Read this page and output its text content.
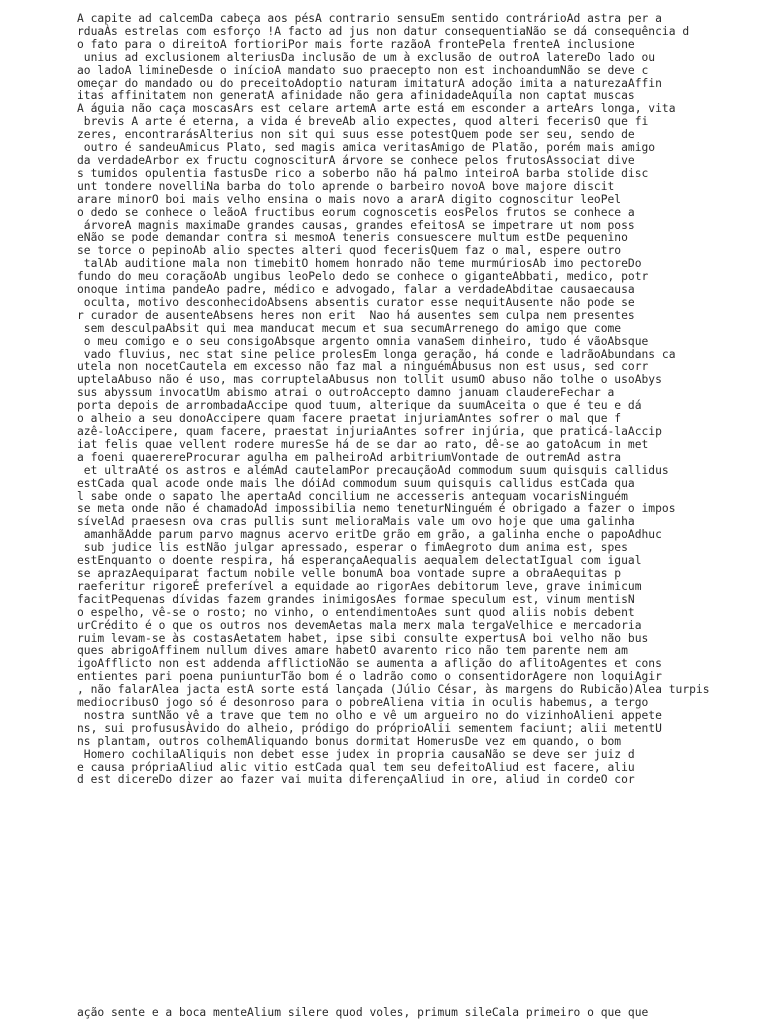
A capite ad calcemDa cabeça aos pésA contrario sensuEm sentido contrárioAd astra per a
rduaÀs estrelas com esforço !A facto ad jus non datur consequentiaNão se dá consequência d
o fato para o direitoA fortioriPor mais forte razãoA frontePela frenteA inclusione
unius ad exclusionem alteriusDa inclusão de um à exclusão de outroA latereDo lado ou
ao ladoA limineDesde o inícioA mandato suo praecepto non est inchoandumNão se deve c
omeçar do mandado ou do preceitoAdoptio naturam imitaturA adoção imita a naturezaAffin
itas affinitatem non generatA afinidade não gera afinidadeAquila non captat muscas
A águia não caça moscasArs est celare artemA arte está em esconder a arteArs longa, vita
brevis A arte é eterna, a vida é breveAb alio expectes, quod alteri fecerisO que fi
zeres, encontrarásAlterius non sit qui suus esse potestQuem pode ser seu, sendo de
outro é sandeuAmicus Plato, sed magis amica veritasAmigo de Platão, porém mais amigo
da verdadeArbor ex fructu cognosciturA árvore se conhece pelos frutosAssociat dive
s tumidos opulentia fastusDe rico a soberbo não há palmo inteiroA barba stolide disc
unt tondere novelliNa barba do tolo aprende o barbeiro novoA bove majore discit
arare minorO boi mais velho ensina o mais novo a ararA digito cognoscitur leoPel
o dedo se conhece o leãoA fructibus eorum cognoscetis eosPelos frutos se conhece a
árvoreA magnis maximaDe grandes causas, grandes efeitosA se impetrare ut nom poss
eNão se pode demandar contra si mesmoA teneris consuescere multum estDe pequenino
se torce o pepinoAb alio spectes alteri quod fecerisQuem faz o mal, espere outro
talAb auditione mala non timebitO homem honrado não teme murmúriosAb imo pectoreDo
fundo do meu coraçãoAb ungibus leoPelo dedo se conhece o giganteAbbati, medico, potr
onoque intima pandeAo padre, médico e advogado, falar a verdadeAbditae causaecausa
oculta, motivo desconhecidoAbsens absentis curator esse nequitAusente não pode se
r curador de ausenteAbsens heres non erit  Nao há ausentes sem culpa nem presentes
sem desculpaAbsit qui mea manducat mecum et sua secumArrenego do amigo que come
o meu comigo e o seu consigoAbsque argento omnia vanaSem dinheiro, tudo é vãoAbsque
vado fluvius, nec stat sine pelice prolesEm longa geração, há conde e ladrãoAbundans ca
utela non nocetCautela em excesso não faz mal a ninguémAbusus non est usus, sed corr
uptelaAbuso não é uso, mas corruptelaAbusus non tollit usumO abuso não tolhe o usoAbys
sus abyssum invocatUm abismo atrai o outroAccepto damno januam claudereFechar a
porta depois de arrombadaAccipe quod tuum, alterique da suumAceita o que é teu e dá
o alheio a seu donoAccipere quam facere praetat injuriamAntes sofrer o mal que f
azê-loAccipere, quam facere, praestat injuriaAntes sofrer injúria, que praticá-laAccip
iat felis quae vellent rodere muresSe há de se dar ao rato, dê-se ao gatoAcum in met
a foeni quaerereProcurar agulha em palheiroAd arbitriumVontade de outremAd astra
et ultraAté os astros e alémAd cautelamPor precauçãoAd commodum suum quisquis callidus
estCada qual acode onde mais lhe dóiAd commodum suum quisquis callidus estCada qua
l sabe onde o sapato lhe apertaAd concilium ne accesseris antequam vocarisNinguém
se meta onde não é chamadoAd impossibilia nemo teneturNinguém é obrigado a fazer o impos
sívelAd praesesn ova cras pullis sunt melioraMais vale um ovo hoje que uma galinha
amanhãAdde parum parvo magnus acervo eritDe grão em grão, a galinha enche o papoAdhuc
sub judice lis estNão julgar apressado, esperar o fimAegroto dum anima est, spes
estEnquanto o doente respira, há esperançaAequalis aequalem delectatIgual com igual
se aprazAequiparat factum nobile velle bonumA boa vontade supre a obraAequitas p
raeferitur rigoreÉ preferível a equidade ao rigorAes debitorum leve, grave inimicum
facitPequenas dívidas fazem grandes inimigosAes formae speculum est, vinum mentisN
o espelho, vê-se o rosto; no vinho, o entendimentoAes sunt quod aliis nobis debent
urCrédito é o que os outros nos devemAetas mala merx mala tergaVelhice e mercadoria
ruim levam-se às costasAetatem habet, ipse sibi consulte expertusA boi velho não bus
ques abrigoAffinem nullum dives amare habetO avarento rico não tem parente nem am
igoAfflicto non est addenda afflictioNão se aumenta a aflição do aflitoAgentes et cons
entientes pari poena puniunturTão bom é o ladrão como o consentidorAgere non loquiAgir
, não falarAlea jacta estA sorte está lançada (Júlio César, às margens do Rubicão)Alea turpis
mediocribusO jogo só é desonroso para o pobreAliena vitia in oculis habemus, a tergo
nostra suntNão vê a trave que tem no olho e vê um argueiro no do vizinhoAlieni appete
ns, sui profususÀvido do alheio, pródigo do próprioAlii sementem faciunt; alii metentU
ns plantam, outros colhemAliquando bonus dormitat HomerusDe vez em quando, o bom
Homero cochilaAliquis non debet esse judex in propria causaNão se deve ser juiz d
e causa própriaAliud alic vitio estCada qual tem seu defeitoAliud est facere, aliu
d est dicereDo dizer ao fazer vai muita diferençaAliud in ore, aliud in cordeO cor
ação sente e a boca menteAlium silere quod voles, primum sileCala primeiro o que que
